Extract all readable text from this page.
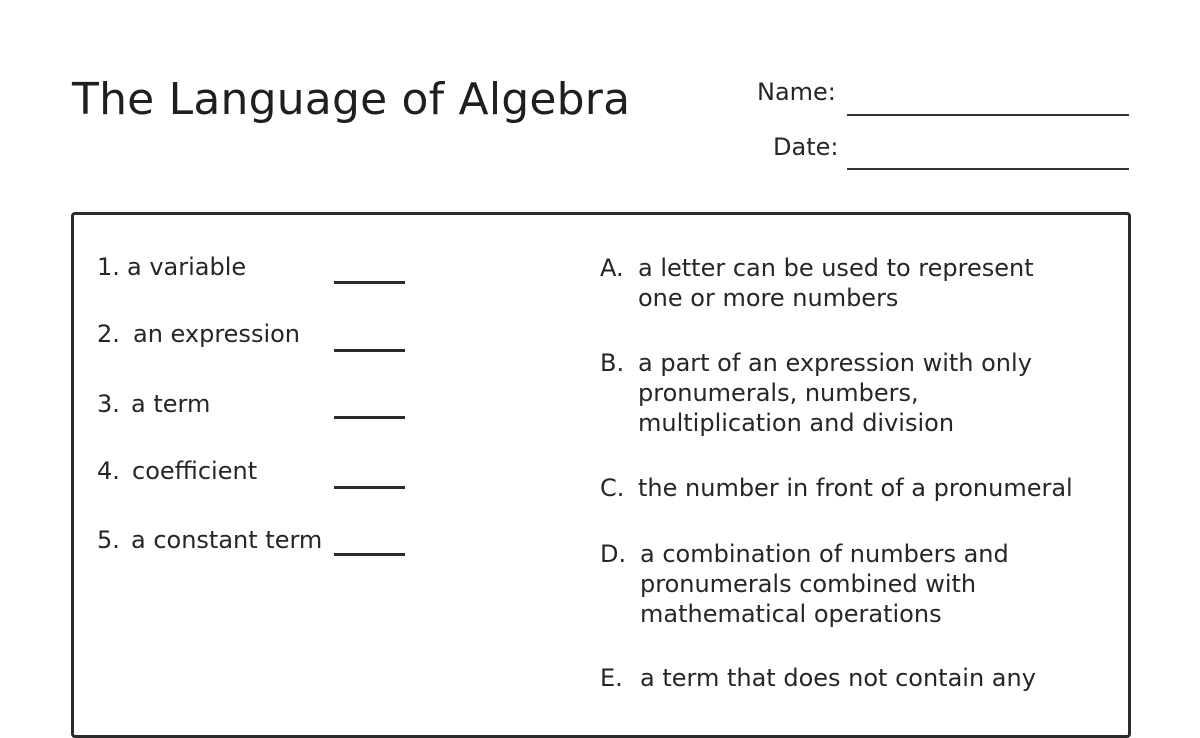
The Language of Algebra	Name:
Date:
1. a variable
2. an expression
3. a term
4. coefficient
5. a constant term
A. a letter can be used to represent
one or more numbers
B. a part of an expression with only
pronumerals, numbers,
multiplication and division
C. the number in front of a pronumeral
D. a combination of numbers and
pronumerals combined with
mathematical operations
E. a term that does not contain any
